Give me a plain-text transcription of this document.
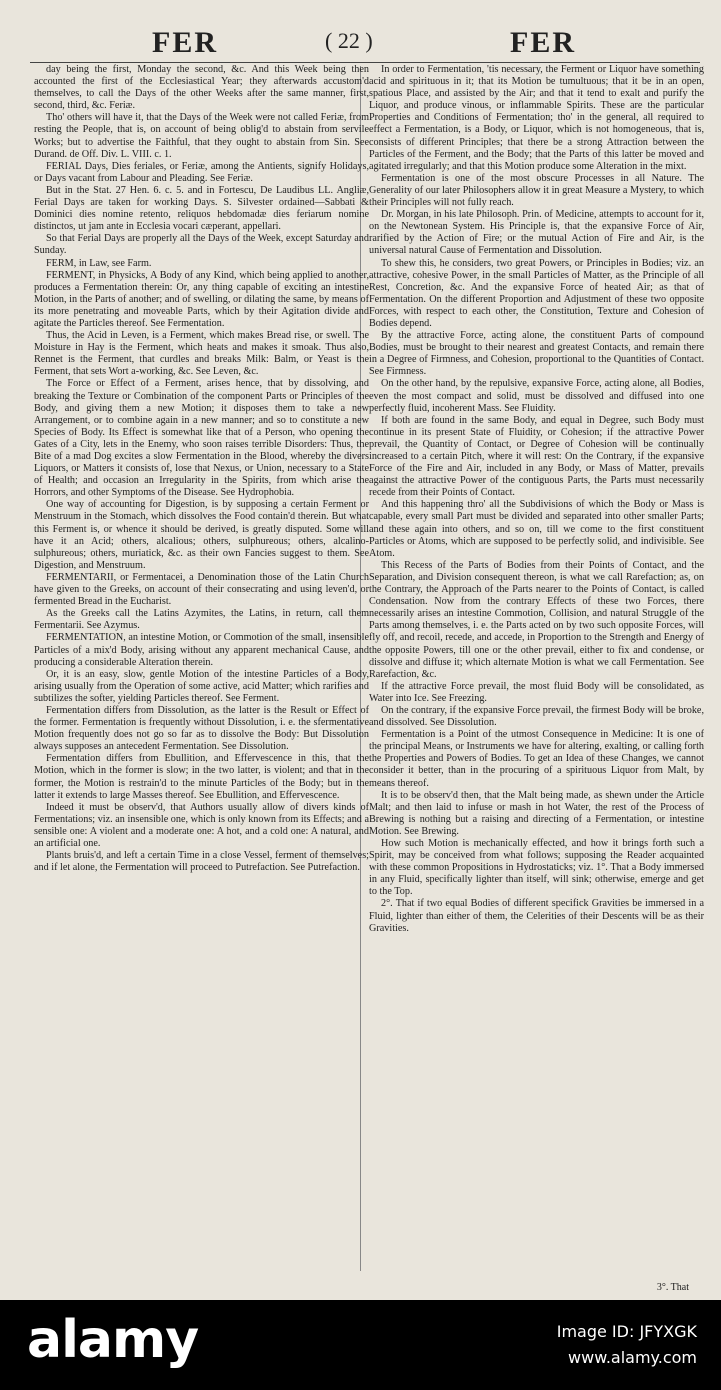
FER	( 22 )	FER

day being the first, Monday the second, &c. And this Week being then accounted the first of the Ecclesiastical Year; they afterwards accustom'd themselves, to call the Days of the other Weeks after the same manner, first, second, third, &c. Feriæ.

Tho' others will have it, that the Days of the Week were not called Feriæ, from resting the People, that is, on account of being oblig'd to abstain from servile Works; but to advertise the Faithful, that they ought to abstain from Sin. See Durand. de Off. Div. L. VIII. c. 1.

FERIAL Days, Dies feriales, or Feriæ, among the Antients, signify Holidays, or Days vacant from Labour and Pleading. See Feriæ.

But in the Stat. 27 Hen. 6. c. 5. and in Fortescu, De Laudibus LL. Angliæ, Ferial Days are taken for working Days. S. Silvester ordained—Sabbati & Dominici dies nomine retento, reliquos hebdomadæ dies feriarum nomine distinctos, ut jam ante in Ecclesia vocari cæperant, appellari.

So that Ferial Days are properly all the Days of the Week, except Saturday and Sunday.

FERM, in Law, see Farm.

FERMENT, in Physicks, A Body of any Kind, which being applied to another, produces a Fermentation therein: Or, any thing capable of exciting an intestine Motion, in the Parts of another; and of swelling, or dilating the same, by means of its more penetrating and moveable Parts, which by their Agitation divide and agitate the Particles thereof. See Fermentation.

Thus, the Acid in Leven, is a Ferment, which makes Bread rise, or swell. The Moisture in Hay is the Ferment, which heats and makes it smoak. Thus also, Rennet is the Ferment, that curdles and breaks Milk: Balm, or Yeast is the Ferment, that sets Wort a-working, &c. See Leven, &c.

The Force or Effect of a Ferment, arises hence, that by dissolving, and breaking the Texture or Combination of the component Parts or Principles of the Body, and giving them a new Motion; it disposes them to take a new Arrangement, or to combine again in a new manner; and so to constitute a new Species of Body. Its Effect is somewhat like that of a Person, who opening the Gates of a City, lets in the Enemy, who soon raises terrible Disorders: Thus, the Bite of a mad Dog excites a slow Fermentation in the Blood, whereby the divers Liquors, or Matters it consists of, lose that Nexus, or Union, necessary to a State of Health; and occasion an Irregularity in the Spirits, from which arise the Horrors, and other Symptoms of the Disease. See Hydrophobia.

One way of accounting for Digestion, is by supposing a certain Ferment or Menstruum in the Stomach, which dissolves the Food contain'd therein. But what this Ferment is, or whence it should be derived, is greatly disputed. Some will have it an Acid; others, alcalious; others, sulphureous; others, alcalino-sulphureous; others, muriatick, &c. as their own Fancies suggest to them. See Digestion, and Menstruum.

FERMENTARII, or Fermentacei, a Denomination those of the Latin Church have given to the Greeks, on account of their consecrating and using leven'd, or fermented Bread in the Eucharist.

As the Greeks call the Latins Azymites, the Latins, in return, call them Fermentarii. See Azymus.

FERMENTATION, an intestine Motion, or Commotion of the small, insensible Particles of a mix'd Body, arising without any apparent mechanical Cause, and producing a considerable Alteration therein.

Or, it is an easy, slow, gentle Motion of the intestine Particles of a Body, arising usually from the Operation of some active, acid Matter; which rarifies and subtilizes the softer, yielding Particles thereof. See Ferment.

Fermentation differs from Dissolution, as the latter is the Result or Effect of the former. Fermentation is frequently without Dissolution, i. e. the sfermentative Motion frequently does not go so far as to dissolve the Body: But Dissolution always supposes an antecedent Fermentation. See Dissolution.

Fermentation differs from Ebullition, and Effervescence in this, that the Motion, which in the former is slow; in the two latter, is violent; and that in the former, the Motion is restrain'd to the minute Particles of the Body; but in the latter it extends to large Masses thereof. See Ebullition, and Effervescence.

Indeed it must be observ'd, that Authors usually allow of divers kinds of Fermentations; viz. an insensible one, which is only known from its Effects; and a sensible one: A violent and a moderate one: A hot, and a cold one: A natural, and an artificial one.

Plants bruis'd, and left a certain Time in a close Vessel, ferment of themselves; and if let alone, the Fermentation will proceed to Putrefaction. See Putrefaction.

In order to Fermentation, 'tis necessary, the Ferment or Liquor have something acid and spirituous in it; that its Motion be tumultuous; that it be in an open, spatious Place, and assisted by the Air; and that it tend to exalt and purify the Liquor, and produce vinous, or inflammable Spirits. These are the particular Properties and Conditions of Fermentation; tho' in the general, all required to effect a Fermentation, is a Body, or Liquor, which is not homogeneous, that is, consists of different Principles; that there be a strong Attraction between the Particles of the Ferment, and the Body; that the Parts of this latter be moved and agitated irregularly; and that this Motion produce some Alteration in the mixt.

Fermentation is one of the most obscure Processes in all Nature. The Generality of our later Philosophers allow it in great Measure a Mystery, to which their Principles will not fully reach.

Dr. Morgan, in his late Philosoph. Prin. of Medicine, attempts to account for it, on the Newtonean System. His Principle is, that the expansive Force of Air, rarified by the Action of Fire; or the mutual Action of Fire and Air, is the universal natural Cause of Fermentation and Dissolution.

To shew this, he considers, two great Powers, or Principles in Bodies; viz. an attractive, cohesive Power, in the small Particles of Matter, as the Principle of all Rest, Concretion, &c. And the expansive Force of heated Air; as that of Fermentation. On the different Proportion and Adjustment of these two opposite Forces, with respect to each other, the Constitution, Texture and Cohesion of Bodies depend.

By the attractive Force, acting alone, the constituent Parts of compound Bodies, must be brought to their nearest and greatest Contacts, and remain there in a Degree of Firmness, and Cohesion, proportional to the Quantities of Contact. See Firmness.

On the other hand, by the repulsive, expansive Force, acting alone, all Bodies, even the most compact and solid, must be dissolved and diffused into one perfectly fluid, incoherent Mass. See Fluidity.

If both are found in the same Body, and equal in Degree, such Body must continue in its present State of Fluidity, or Cohesion; if the attractive Power prevail, the Quantity of Contact, or Degree of Cohesion will be continually increased to a certain Pitch, where it will rest: On the Contrary, if the expansive Force of the Fire and Air, included in any Body, or Mass of Matter, prevails against the attractive Power of the contiguous Parts, the Parts must necessarily recede from their Points of Contact.

And this happening thro' all the Subdivisions of which the Body or Mass is capable, every small Part must be divided and separated into other smaller Parts; and these again into others, and so on, till we come to the first constituent Particles or Atoms, which are supposed to be perfectly solid, and indivisible. See Atom.

This Recess of the Parts of Bodies from their Points of Contact, and the Separation, and Division consequent thereon, is what we call Rarefaction; as, on the Contrary, the Approach of the Parts nearer to the Points of Contact, is called Condensation. Now from the contrary Effects of these two Forces, there necessarily arises an intestine Commotion, Collision, and natural Struggle of the Parts among themselves, i. e. the Parts acted on by two such opposite Forces, will fly off, and recoil, recede, and accede, in Proportion to the Strength and Energy of the opposite Powers, till one or the other prevail, either to fix and condense, or dissolve and diffuse it; which alternate Motion is what we call Fermentation. See Rarefaction, &c.

If the attractive Force prevail, the most fluid Body will be consolidated, as Water into Ice. See Freezing.

On the contrary, if the expansive Force prevail, the firmest Body will be broke, and dissolved. See Dissolution.

Fermentation is a Point of the utmost Consequence in Medicine: It is one of the principal Means, or Instruments we have for altering, exalting, or calling forth the Properties and Powers of Bodies. To get an Idea of these Changes, we cannot consider it better, than in the procuring of a spirituous Liquor from Malt, by means thereof.

It is to be observ'd then, that the Malt being made, as shewn under the Article Malt; and then laid to infuse or mash in hot Water, the rest of the Process of Brewing is nothing but a raising and directing of a Fermentation, or intestine Motion. See Brewing.

How such Motion is mechanically effected, and how it brings forth such a Spirit, may be conceived from what follows; supposing the Reader acquainted with these common Propositions in Hydrostaticks; viz. 1°. That a Body immersed in any Fluid, specifically lighter than itself, will sink; otherwise, emerge and get to the Top.

2°. That if two equal Bodies of different specifick Gravities be immersed in a Fluid, lighter than either of them, the Celerities of their Descents will be as their Gravities.

3°. That
alamy	Image ID: JFYXGK
www.alamy.com
